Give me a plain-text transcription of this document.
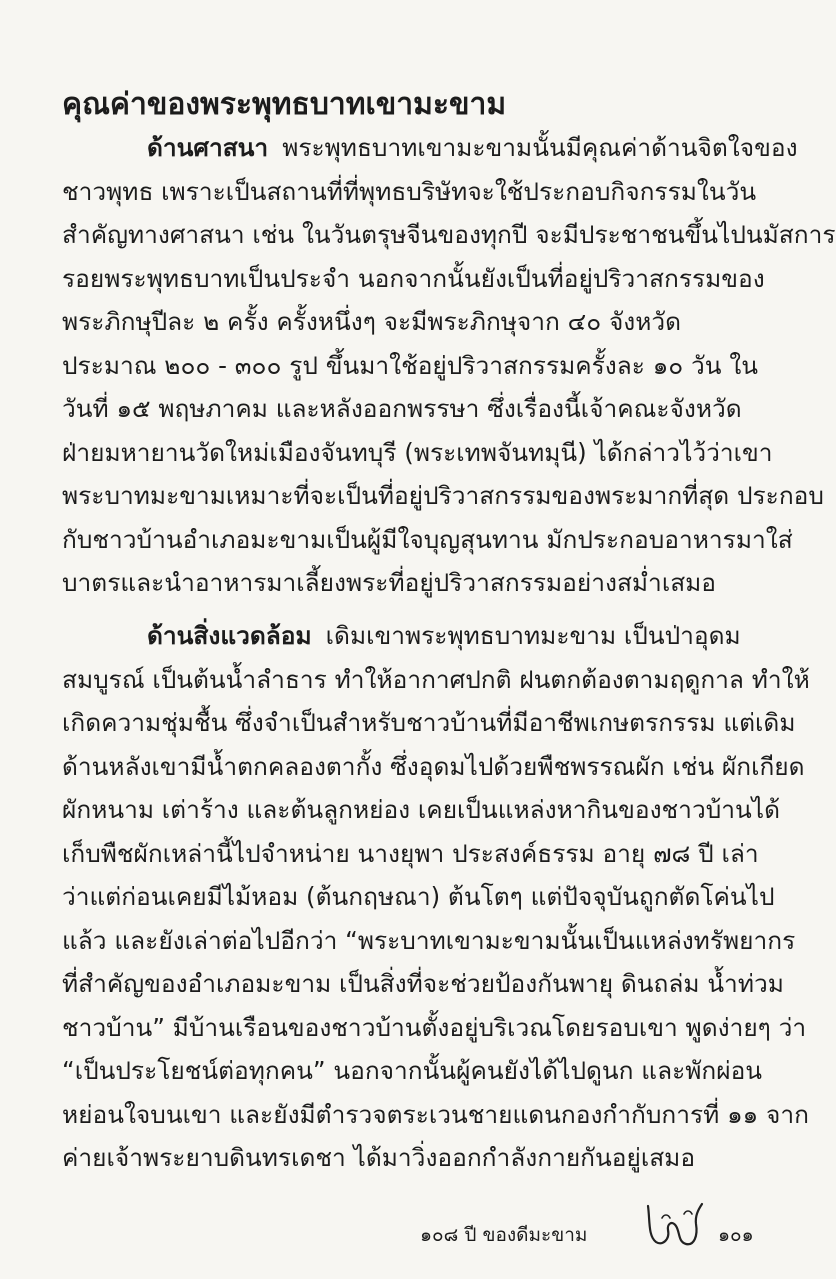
คุณค่าของพระพุทธบาทเขามะขาม
ด้านศาสนา พระพุทธบาทเขามะขามนั้นมีคุณค่าด้านจิตใจของ
ชาวพุทธ เพราะเป็นสถานที่ที่พุทธบริษัทจะใช้ประกอบกิจกรรมในวัน
สำคัญทางศาสนา เช่น ในวันตรุษจีนของทุกปี จะมีประชาชนขึ้นไปนมัสการ
รอยพระพุทธบาทเป็นประจำ นอกจากนั้นยังเป็นที่อยู่ปริวาสกรรมของ
พระภิกษุปีละ ๒ ครั้ง ครั้งหนึ่งๆ จะมีพระภิกษุจาก ๔๐ จังหวัด
ประมาณ ๒๐๐ - ๓๐๐ รูป ขึ้นมาใช้อยู่ปริวาสกรรมครั้งละ ๑๐ วัน ใน
วันที่ ๑๕ พฤษภาคม และหลังออกพรรษา ซึ่งเรื่องนี้เจ้าคณะจังหวัด
ฝ่ายมหายานวัดใหม่เมืองจันทบุรี (พระเทพจันทมุนี) ได้กล่าวไว้ว่าเขา
พระบาทมะขามเหมาะที่จะเป็นที่อยู่ปริวาสกรรมของพระมากที่สุด ประกอบ
กับชาวบ้านอำเภอมะขามเป็นผู้มีใจบุญสุนทาน มักประกอบอาหารมาใส่
บาตรและนำอาหารมาเลี้ยงพระที่อยู่ปริวาสกรรมอย่างสม่ำเสมอ
ด้านสิ่งแวดล้อม เดิมเขาพระพุทธบาทมะขาม เป็นป่าอุดม
สมบูรณ์ เป็นต้นน้ำลำธาร ทำให้อากาศปกติ ฝนตกต้องตามฤดูกาล ทำให้
เกิดความชุ่มชื้น ซึ่งจำเป็นสำหรับชาวบ้านที่มีอาชีพเกษตรกรรม แต่เดิม
ด้านหลังเขามีน้ำตกคลองตากั้ง ซึ่งอุดมไปด้วยพืชพรรณผัก เช่น ผักเกียด
ผักหนาม เต่าร้าง และต้นลูกหย่อง เคยเป็นแหล่งหากินของชาวบ้านได้
เก็บพืชผักเหล่านี้ไปจำหน่าย นางยุพา ประสงค์ธรรม อายุ ๗๘ ปี เล่า
ว่าแต่ก่อนเคยมีไม้หอม (ต้นกฤษณา) ต้นโตๆ แต่ปัจจุบันถูกตัดโค่นไป
แล้ว และยังเล่าต่อไปอีกว่า “พระบาทเขามะขามนั้นเป็นแหล่งทรัพยากร
ที่สำคัญของอำเภอมะขาม เป็นสิ่งที่จะช่วยป้องกันพายุ ดินถล่ม น้ำท่วม
ชาวบ้าน” มีบ้านเรือนของชาวบ้านตั้งอยู่บริเวณโดยรอบเขา พูดง่ายๆ ว่า
“เป็นประโยชน์ต่อทุกคน” นอกจากนั้นผู้คนยังได้ไปดูนก และพักผ่อน
หย่อนใจบนเขา และยังมีตำรวจตระเวนชายแดนกองกำกับการที่ ๑๑ จาก
ค่ายเจ้าพระยาบดินทรเดชา ได้มาวิ่งออกกำลังกายกันอยู่เสมอ
๑๐๘ ปี ของดีมะขาม	๑๐๑
